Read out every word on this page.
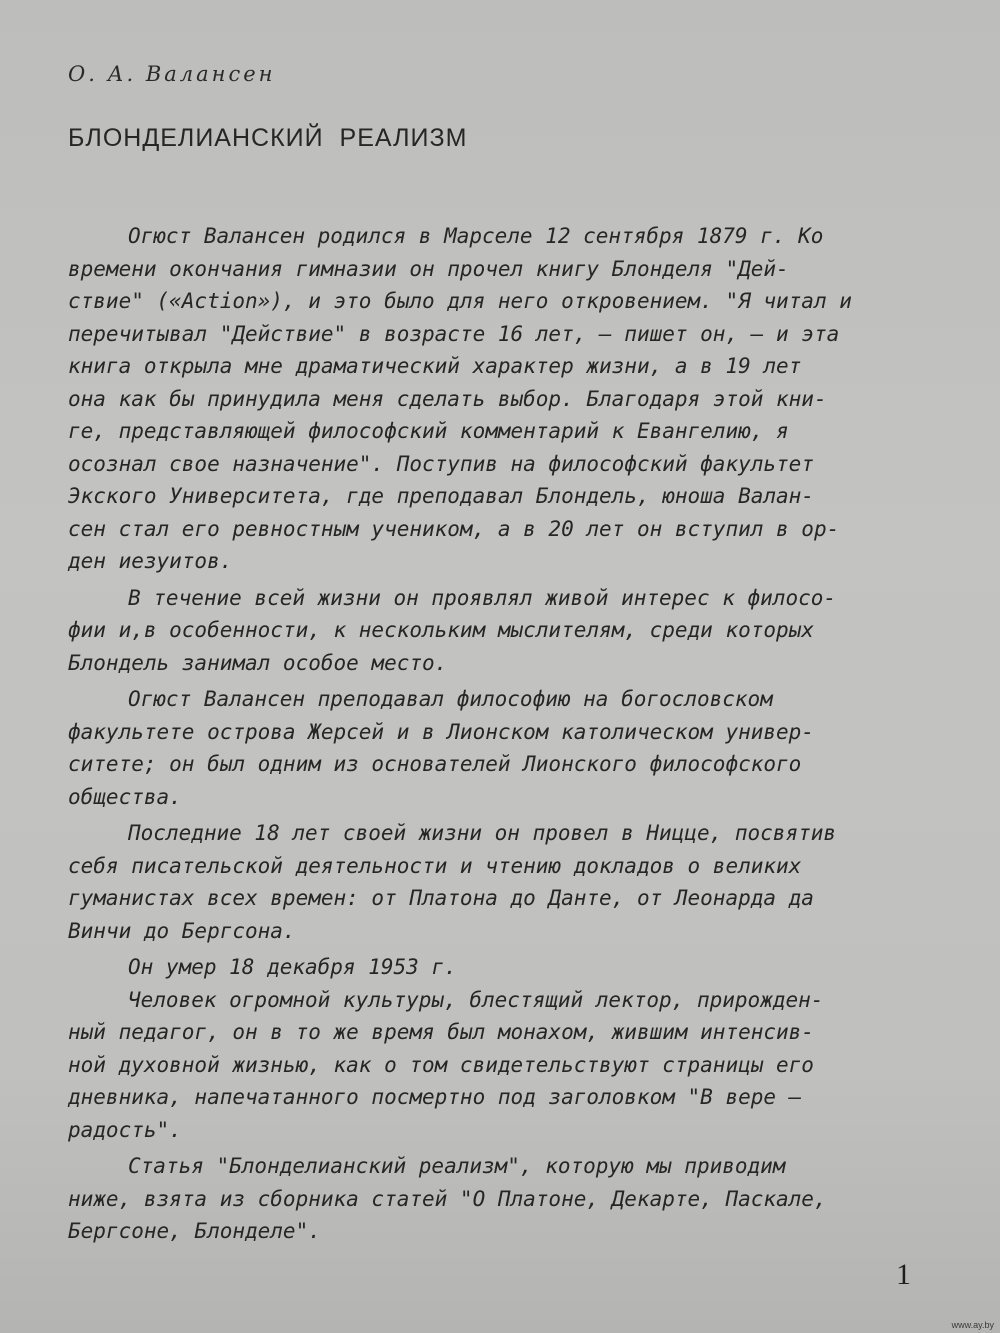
О. А. Валансен
БЛОНДЕЛИАНСКИЙ РЕАЛИЗМ
Огюст Валансен родился в Марселе 12 сентября 1879 г. Ко
времени окончания гимназии он прочел книгу Блонделя "Дей-
ствие" («Action»), и это было для него откровением. "Я читал и
перечитывал "Действие" в возрасте 16 лет, – пишет он, – и эта
книга открыла мне драматический характер жизни, а в 19 лет
она как бы принудила меня сделать выбор. Благодаря этой кни-
ге, представляющей философский комментарий к Евангелию, я
осознал свое назначение". Поступив на философский факультет
Экского Университета, где преподавал Блондель, юноша Валан-
сен стал его ревностным учеником, а в 20 лет он вступил в ор-
ден иезуитов.
В течение всей жизни он проявлял живой интерес к филосо-
фии и,в особенности, к нескольким мыслителям, среди которых
Блондель занимал особое место.
Огюст Валансен преподавал философию на богословском
факультете острова Жерсей и в Лионском католическом универ-
ситете; он был одним из основателей Лионского философского
общества.
Последние 18 лет своей жизни он провел в Ницце, посвятив
себя писательской деятельности и чтению докладов о великих
гуманистах всех времен: от Платона до Данте, от Леонарда да
Винчи до Бергсона.
Он умер 18 декабря 1953 г.
Человек огромной культуры, блестящий лектор, прирожден-
ный педагог, он в то же время был монахом, жившим интенсив-
ной духовной жизнью, как о том свидетельствуют страницы его
дневника, напечатанного посмертно под заголовком "В вере –
радость".
Статья "Блонделианский реализм", которую мы приводим
ниже, взята из сборника статей "О Платоне, Декарте, Паскале,
Бергсоне, Блонделе".
1
www.ay.by
